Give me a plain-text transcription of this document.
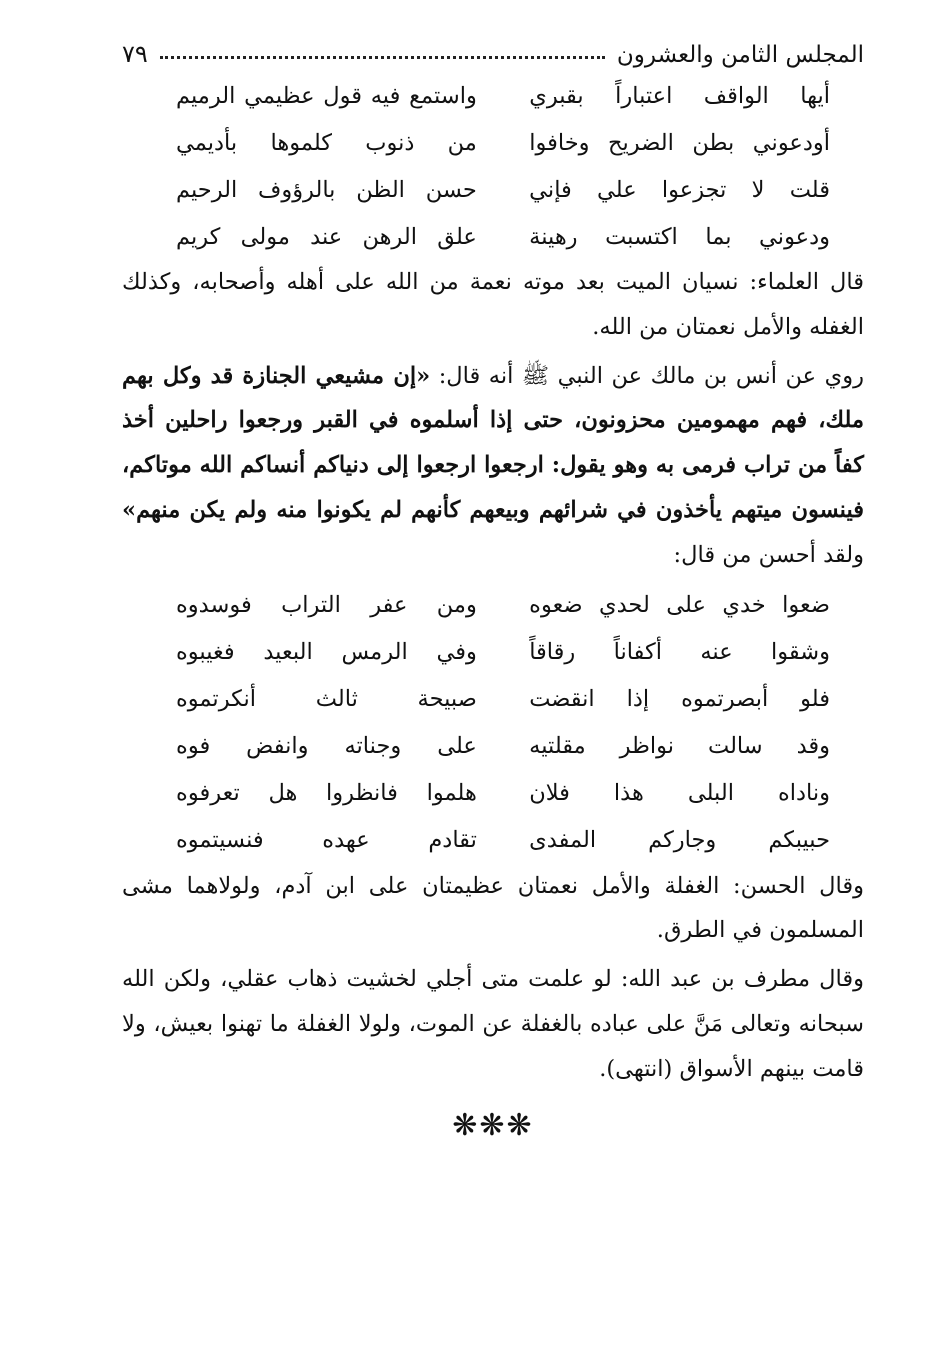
المجلس الثامن والعشرون
٧٩
أيها
الواقف
اعتباراً
بقبري
واستمع
فيه
قول
عظيمي
الرميم
أودعوني
بطن
الضريح
وخافوا
من
ذنوب
كلموها
بأديمي
قلت
لا
تجزعوا
علي
فإني
حسن
الظن
بالرؤوف
الرحيم
ودعوني
بما
اكتسبت
رهينة
علق
الرهن
عند
مولى
كريم

قال العلماء: نسيان الميت بعد موته نعمة من الله على أهله وأصحابه، وكذلك الغفله والأمل نعمتان من الله.

روي عن أنس بن مالك عن النبي ﷺ أنه قال: «إن مشيعي الجنازة قد وكل بهم ملك، فهم مهمومين محزونون، حتى إذا أسلموه في القبر ورجعوا راحلين أخذ كفاً من تراب فرمى به وهو يقول: ارجعوا ارجعوا إلى دنياكم أنساكم الله موتاكم، فينسون ميتهم يأخذون في شرائهم وبيعهم كأنهم لم يكونوا منه ولم يكن منهم» ولقد أحسن من قال:

ضعوا
خدي
على
لحدي
ضعوه
ومن
عفر
التراب
فوسدوه
وشقوا
عنه
أكفاناً
رقاقاً
وفي
الرمس
البعيد
فغيبوه
فلو
أبصرتموه
إذا
انقضت
صبيحة
ثالث
أنكرتموه
وقد
سالت
نواظر
مقلتيه
على
وجناته
وانفض
فوه
وناداه
البلى
هذا
فلان
هلموا
فانظروا
هل
تعرفوه
حبيبكم
وجاركم
المفدى
تقادم
عهده
فنسيتموه

وقال الحسن: الغفلة والأمل نعمتان عظيمتان على ابن آدم، ولولاهما مشى المسلمون في الطرق.

وقال مطرف بن عبد الله: لو علمت متى أجلي لخشيت ذهاب عقلي، ولكن الله سبحانه وتعالى مَنَّ على عباده بالغفلة عن الموت، ولولا الغفلة ما تهنوا بعيش، ولا قامت بينهم الأسواق (انتهى).

❋❋❋
